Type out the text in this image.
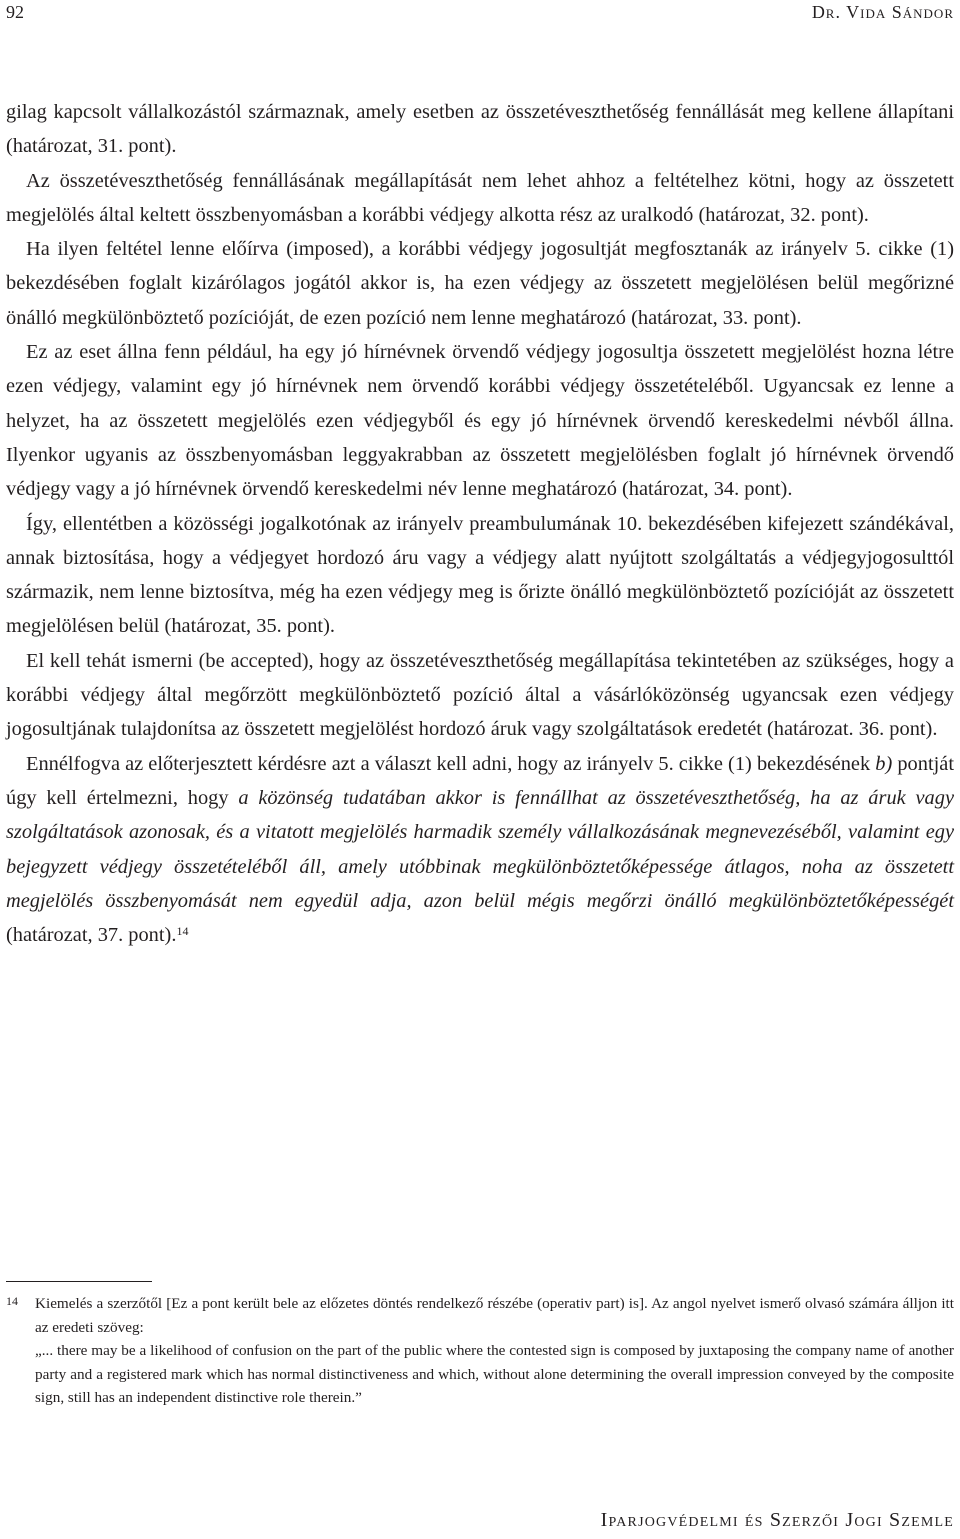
92	Dr. Vida Sándor

gilag kapcsolt vállalkozástól származnak, amely esetben az összetéveszthetőség fennállását meg kellene állapítani (határozat, 31. pont).

Az összetéveszthetőség fennállásának megállapítását nem lehet ahhoz a feltételhez kötni, hogy az összetett megjelölés által keltett összbenyomásban a korábbi védjegy alkotta rész az uralkodó (határozat, 32. pont).

Ha ilyen feltétel lenne előírva (imposed), a korábbi védjegy jogosultját megfosztanák az irányelv 5. cikke (1) bekezdésében foglalt kizárólagos jogától akkor is, ha ezen védjegy az összetett megjelölésen belül megőrizné önálló megkülönböztető pozícióját, de ezen pozíció nem lenne meghatározó (határozat, 33. pont).

Ez az eset állna fenn például, ha egy jó hírnévnek örvendő védjegy jogosultja összetett megjelölést hozna létre ezen védjegy, valamint egy jó hírnévnek nem örvendő korábbi védjegy összetételéből. Ugyancsak ez lenne a helyzet, ha az összetett megjelölés ezen védjegyből és egy jó hírnévnek örvendő kereskedelmi névből állna. Ilyenkor ugyanis az összbenyomásban leggyakrabban az összetett megjelölésben foglalt jó hírnévnek örvendő védjegy vagy a jó hírnévnek örvendő kereskedelmi név lenne meghatározó (határozat, 34. pont).

Így, ellentétben a közösségi jogalkotónak az irányelv preambulumának 10. bekezdésében kifejezett szándékával, annak biztosítása, hogy a védjegyet hordozó áru vagy a védjegy alatt nyújtott szolgáltatás a védjegyjogosulttól származik, nem lenne biztosítva, még ha ezen védjegy meg is őrizte önálló megkülönböztető pozícióját az összetett megjelölésen belül (határozat, 35. pont).

El kell tehát ismerni (be accepted), hogy az összetéveszthetőség megállapítása tekintetében az szükséges, hogy a korábbi védjegy által megőrzött megkülönböztető pozíció által a vásárlóközönség ugyancsak ezen védjegy jogosultjának tulajdonítsa az összetett megjelölést hordozó áruk vagy szolgáltatások eredetét (határozat. 36. pont).

Ennélfogva az előterjesztett kérdésre azt a választ kell adni, hogy az irányelv 5. cikke (1) bekezdésének b) pontját úgy kell értelmezni, hogy a közönség tudatában akkor is fennállhat az összetéveszthetőség, ha az áruk vagy szolgáltatások azonosak, és a vitatott megjelölés harmadik személy vállalkozásának megnevezéséből, valamint egy bejegyzett védjegy összetételéből áll, amely utóbbinak megkülönböztetőképessége átlagos, noha az összetett megjelölés összbenyomását nem egyedül adja, azon belül mégis megőrzi önálló megkülönböztetőképességét (határozat, 37. pont).$^{14}$

14 Kiemelés a szerzőtől [Ez a pont került bele az előzetes döntés rendelkező részébe (operativ part) is]. Az angol nyelvet ismerő olvasó számára álljon itt az eredeti szöveg:

„... there may be a likelihood of confusion on the part of the public where the contested sign is composed by juxtaposing the company name of another party and a registered mark which has normal distinctiveness and which, without alone determining the overall impression conveyed by the composite sign, still has an independent distinctive role therein.”

Iparjogvédelmi és Szerzői Jogi Szemle
